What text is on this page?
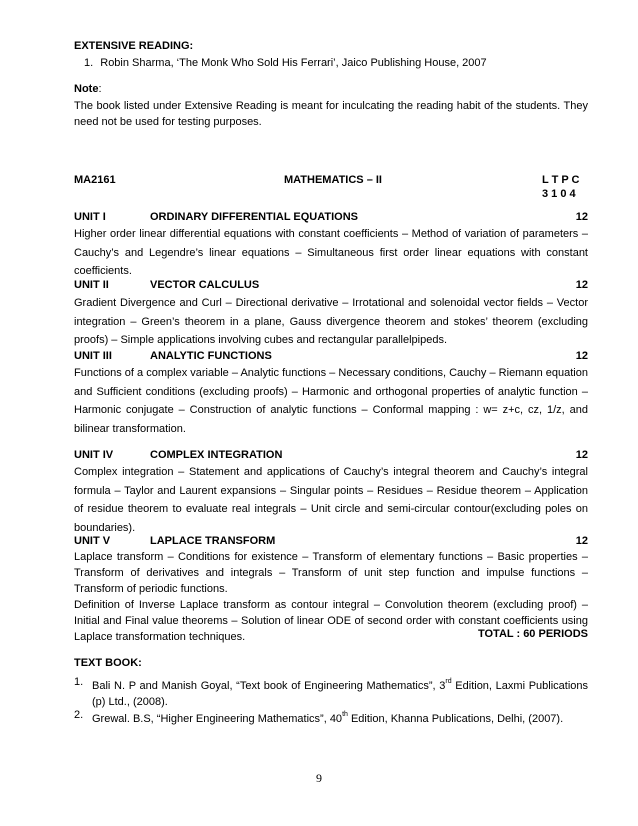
EXTENSIVE READING:
1. Robin Sharma, ‘The Monk Who Sold His Ferrari’, Jaico Publishing House, 2007
Note:
The book listed under Extensive Reading is meant for inculcating the reading habit of the students. They need not be used for testing purposes.
MA2161	MATHEMATICS – II	L T P C
3 1 0 4
UNIT I	ORDINARY DIFFERENTIAL EQUATIONS	12
Higher order linear differential equations with constant coefficients – Method of variation of parameters – Cauchy’s and Legendre’s linear equations – Simultaneous first order linear equations with constant coefficients.
UNIT II	VECTOR CALCULUS	12
Gradient Divergence and Curl – Directional derivative – Irrotational and solenoidal vector fields – Vector integration – Green’s theorem in a plane, Gauss divergence theorem and stokes’ theorem (excluding proofs) – Simple applications involving cubes and rectangular parallelpipeds.
UNIT III	ANALYTIC FUNCTIONS	12
Functions of a complex variable – Analytic functions – Necessary conditions, Cauchy – Riemann equation and Sufficient conditions (excluding proofs) – Harmonic and orthogonal properties of analytic function – Harmonic conjugate – Construction of analytic functions – Conformal mapping : w= z+c, cz, 1/z, and bilinear transformation.
UNIT IV	COMPLEX INTEGRATION	12
Complex integration – Statement and applications of Cauchy’s integral theorem and Cauchy’s integral formula – Taylor and Laurent expansions – Singular points – Residues – Residue theorem – Application of residue theorem to evaluate real integrals – Unit circle and semi-circular contour(excluding poles on boundaries).
UNIT V	LAPLACE TRANSFORM	12
Laplace transform – Conditions for existence – Transform of elementary functions – Basic properties – Transform of derivatives and integrals – Transform of unit step function and impulse functions – Transform of periodic functions.
Definition of Inverse Laplace transform as contour integral – Convolution theorem (excluding proof) – Initial and Final value theorems – Solution of linear ODE of second order with constant coefficients using Laplace transformation techniques.	TOTAL : 60 PERIODS
TEXT BOOK:
1. Bali N. P and Manish Goyal, “Text book of Engineering Mathematics”, 3rd Edition, Laxmi Publications (p) Ltd., (2008).
2. Grewal. B.S, “Higher Engineering Mathematics”, 40th Edition, Khanna Publications, Delhi, (2007).
9
